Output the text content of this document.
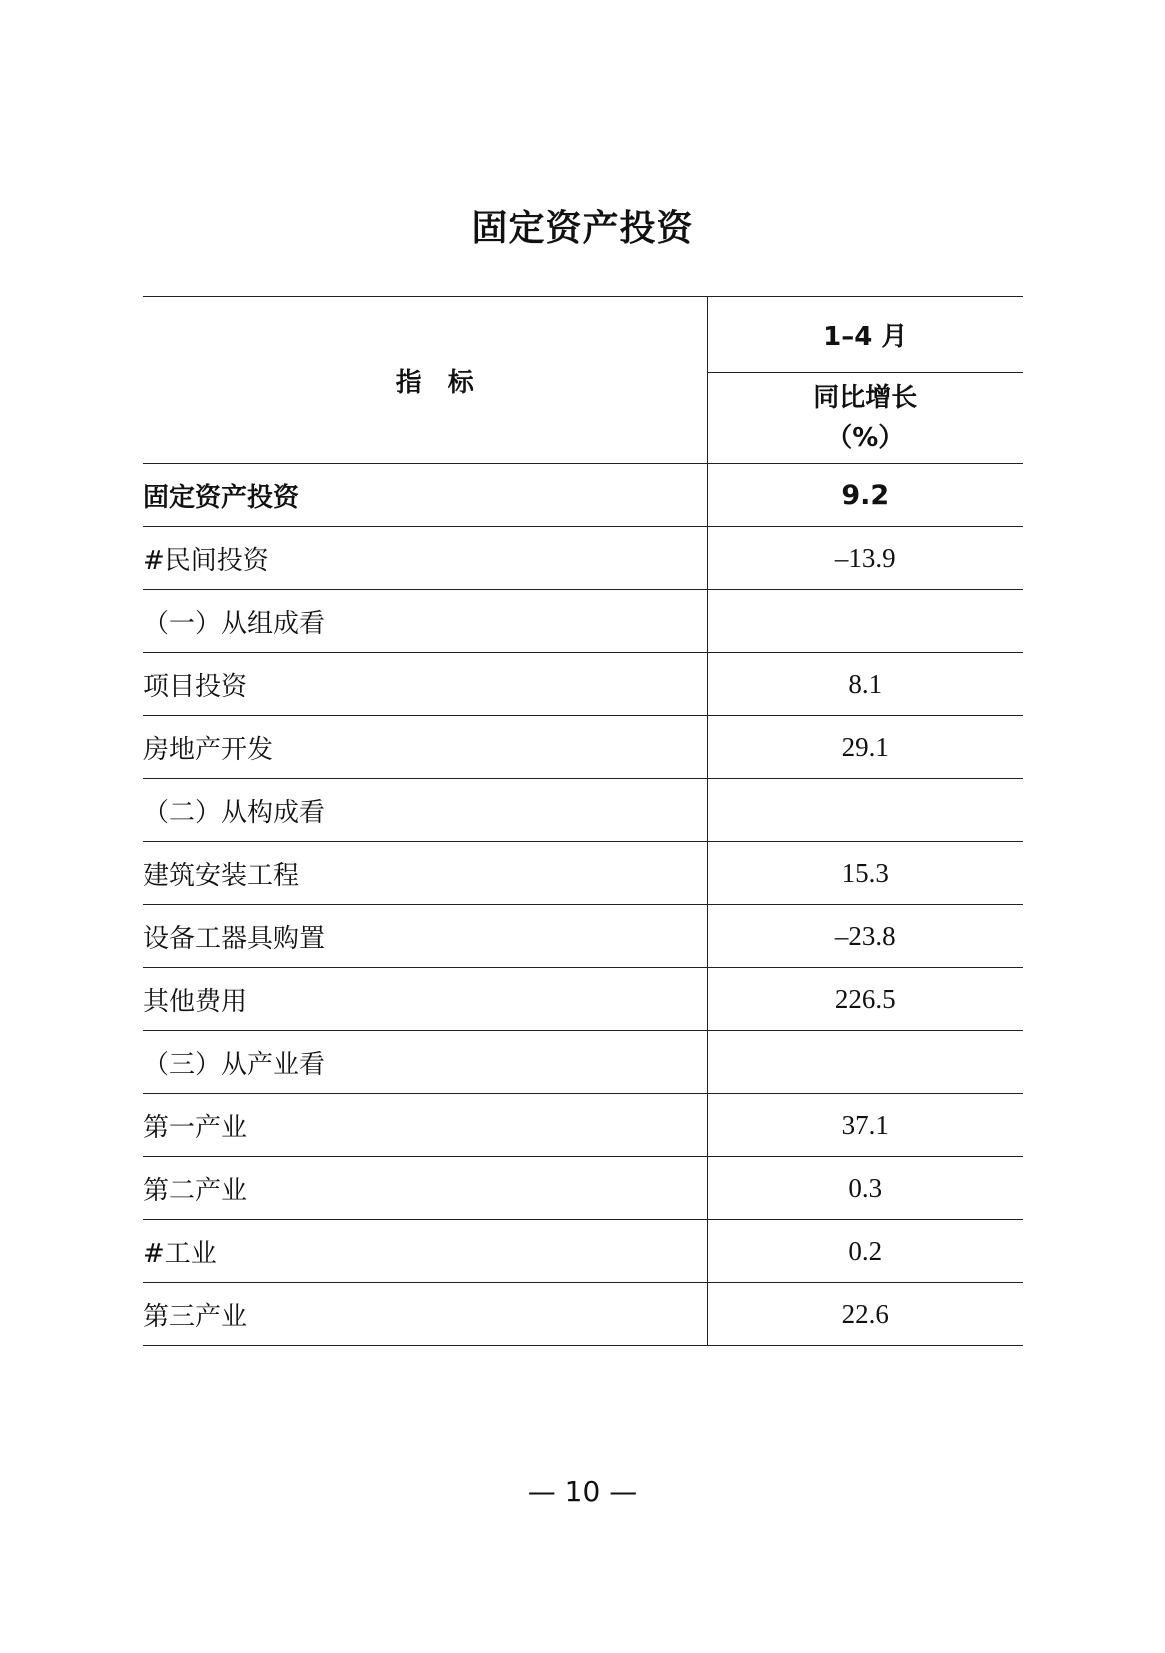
固定资产投资
指　标	1–4 月

	同比增长
（%）

固定资产投资	9.2
#民间投资	–13.9
（一）从组成看	
项目投资	8.1
房地产开发	29.1
（二）从构成看	
建筑安装工程	15.3
设备工器具购置	–23.8
其他费用	226.5
（三）从产业看	
第一产业	37.1
第二产业	0.3
#工业	0.2
第三产业	22.6
— 10 —
